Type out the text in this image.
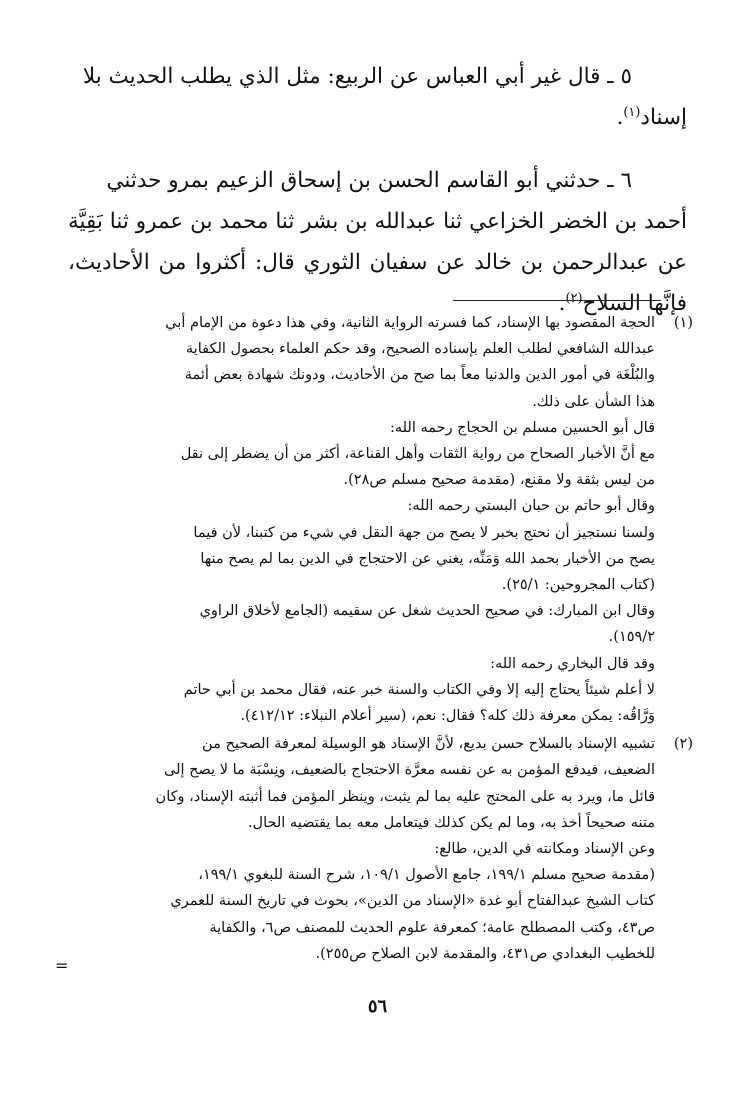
٥ ـ قال غير أبي العباس عن الربيع: مثل الذي يطلب الحديث بلا
إسناد$^{(١)}$.

٦ ـ حدثني أبو القاسم الحسن بن إسحاق الزعيم بمرو حدثني
أحمد بن الخضر الخزاعي ثنا عبدالله بن بشر ثنا محمد بن عمرو ثنا بَقِيَّة عن عبدالرحمن بن خالد عن سفيان الثوري قال: أكثروا من الأحاديث، فإنَّها السلاح$^{(٢)}$.

(١)
الحجة المقصود بها الإسناد، كما فسرته الرواية الثانية، وفي هذا دعوة من الإمام أبي
عبدالله الشافعي لطلب العلم بإسناده الصحيح، وقد حكم العلماء بحصول الكفاية
والبُلْغَة في أمور الدين والدنيا معاً بما صح من الأحاديث، ودونك شهادة بعض أئمة
هذا الشأن على ذلك.
قال أبو الحسين مسلم بن الحجاج رحمه الله:
مع أنَّ الأخبار الصحاح من رواية الثقات وأهل القناعة، أكثر من أن يضطر إلى نقل
من ليس بثقة ولا مقنع، (مقدمة صحيح مسلم ص٢٨).
وقال أبو حاتم بن حبان البستي رحمه الله:
ولسنا نستجيز أن نحتج بخبر لا يصح من جهة النقل في شيء من كتبنا، لأن فيما
يصح من الأخبار بحمد الله وَمَنِّه، يغني عن الاحتجاج في الدين بما لم يصح منها
(كتاب المجروحين: ٢٥/١).
وقال ابن المبارك: في صحيح الحديث شغل عن سقيمه (الجامع لأخلاق الراوي
١٥٩/٢).
وقد قال البخاري رحمه الله:
لا أعلم شيئاً يحتاج إليه إلا وفي الكتاب والسنة خبر عنه، فقال محمد بن أبي حاتم
وَرَّاقُه: يمكن معرفة ذلك كله؟ فقال: نعم، (سير أعلام النبلاء: ٤١٢/١٢).
(٢)
تشبيه الإسناد بالسلاح حسن بديع، لأنَّ الإسناد هو الوسيلة لمعرفة الصحيح من
الضعيف، فيدفع المؤمن به عن نفسه معرَّة الاحتجاج بالضعيف، ونِسْبَة ما لا يصح إلى
قائل ما، ويرد به على المحتج عليه بما لم يثبت، وينظر المؤمن فما أثبته الإسناد، وكان
متنه صحيحاً أخذ به، وما لم يكن كذلك فيتعامل معه بما يقتضيه الحال.
وعن الإسناد ومكانته في الدين، طالع:
(مقدمة صحيح مسلم ١٩٩/١، جامع الأصول ١٠٩/١، شرح السنة للبغوي ١٩٩/١،
كتاب الشيخ عبدالفتاح أبو غدة «الإسناد من الدين»، بحوث في تاريخ السنة للعمري
ص٤٣، وكتب المصطلح عامة؛ كمعرفة علوم الحديث للمصنف ص٦، والكفاية
للخطيب البغدادي ص٤٣١، والمقدمة لابن الصلاح ص٢٥٥).
=
٥٦
